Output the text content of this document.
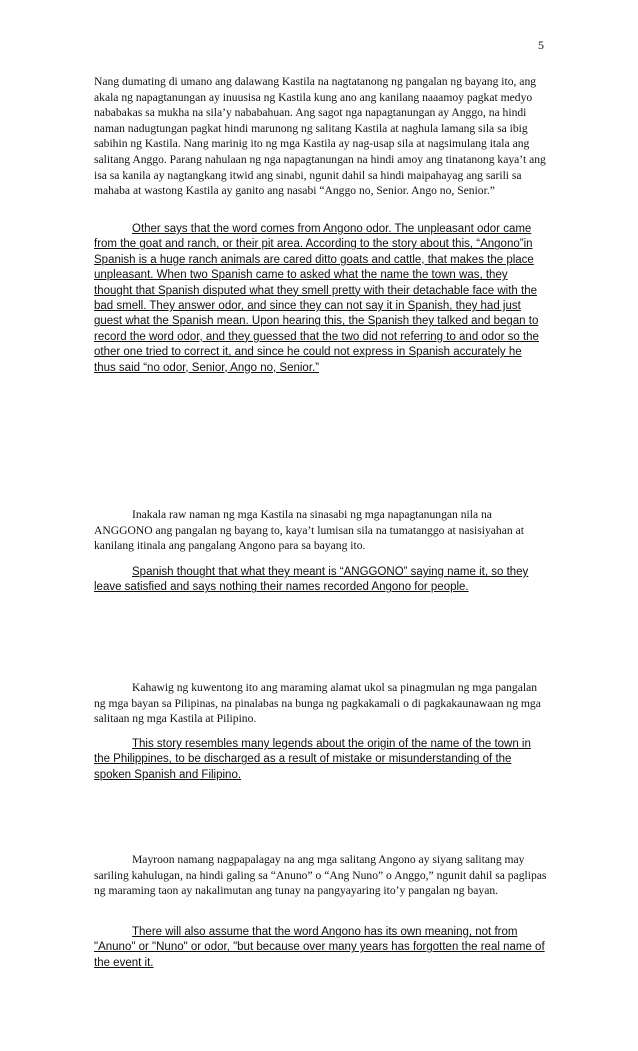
5

Nang dumating di umano ang dalawang Kastila na nagtatanong ng pangalan ng bayang ito, ang akala ng napagtanungan ay inuusisa ng Kastila kung ano ang kanilang naaamoy pagkat medyo nababakas sa mukha na sila’y nababahuan. Ang sagot nga napagtanungan ay Anggo, na hindi naman nadugtungan pagkat hindi marunong ng salitang Kastila at naghula lamang sila sa ibig sabihin ng Kastila. Nang marinig ito ng mga Kastila ay nag-usap sila at nagsimulang itala ang salitang Anggo. Parang nahulaan ng nga napagtanungan na hindi amoy ang tinatanong kaya’t ang isa sa kanila ay nagtangkang itwid ang sinabi, ngunit dahil sa hindi maipahayag ang sarili sa mahaba at wastong Kastila ay ganito ang nasabi “Anggo no, Senior. Ango no, Senior.”

Other says that the word comes from Angono odor. The unpleasant odor came from the goat and ranch, or their pit area. According to the story about this, “Angono”in Spanish is a huge ranch animals are cared ditto goats and cattle, that makes the place unpleasant. When two Spanish came to asked what the name the town was, they thought that Spanish disputed what they smell pretty with their detachable face with the bad smell. They answer odor, and since they can not say it in Spanish, they had just guest what the Spanish mean. Upon hearing this, the Spanish they talked and began to record the word odor, and they guessed that the two did not referring to and odor so the other one tried to correct it, and since he could not express in Spanish accurately he thus said “no odor, Senior, Ango no, Senior.”

Inakala raw naman ng mga Kastila na sinasabi ng mga napagtanungan nila na ANGGONO ang pangalan ng bayang to, kaya’t lumisan sila na tumatanggo at nasisiyahan at kanilang itinala ang pangalang Angono para sa bayang ito.

Spanish thought that what they meant is “ANGGONO” saying name it, so they leave satisfied and says nothing their names recorded Angono for people.

Kahawig ng kuwentong ito ang maraming alamat ukol sa pinagmulan ng mga pangalan ng mga bayan sa Pilipinas, na pinalabas na bunga ng pagkakamali o di pagkakaunawaan ng mga salitaan ng mga Kastila at Pilipino.

This story resembles many legends about the origin of the name of the town in the Philippines, to be discharged as a result of mistake or misunderstanding of the spoken Spanish and Filipino.

Mayroon namang nagpapalagay na ang mga salitang Angono ay siyang salitang may sariling kahulugan, na hindi galing sa “Anuno” o “Ang Nuno” o Anggo,” ngunit dahil sa paglipas ng maraming taon ay nakalimutan ang tunay na pangyayaring ito’y pangalan ng bayan.

There will also assume that the word Angono has its own meaning, not from "Anuno" or "Nuno" or odor, "but because over many years has forgotten the real name of the event it.
